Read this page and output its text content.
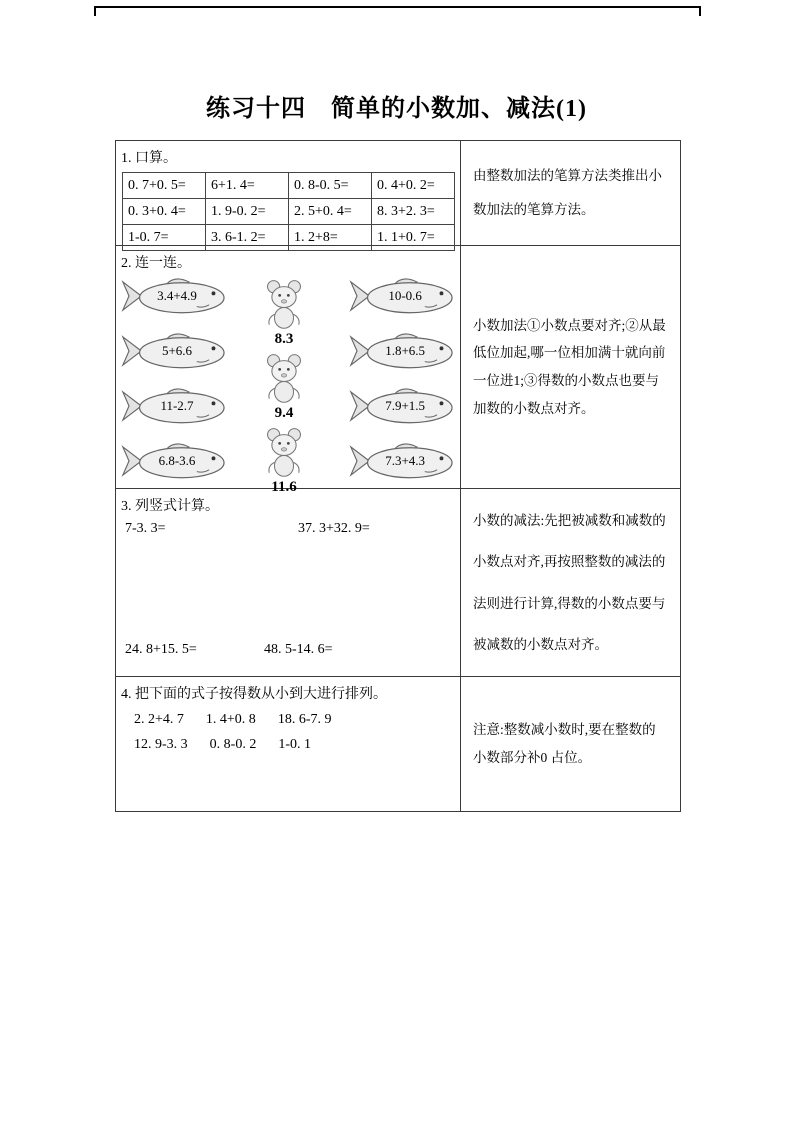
练习十四　简单的小数加、减法(1)
1. 口算。
0. 7+0. 5=	6+1. 4=	0. 8-0. 5=	0. 4+0. 2=
0. 3+0. 4=	1. 9-0. 2=	2. 5+0. 4=	8. 3+2. 3=
1-0. 7=	3. 6-1. 2=	1. 2+8=	1. 1+0. 7=
由整数加法的笔算方法类推出小数加法的笔算方法。
2. 连一连。
3.4+4.9
5+6.6
11-2.7
6.8-3.6
8.3
9.4
11.6
10-0.6
1.8+6.5
7.9+1.5
7.3+4.3
小数加法①小数点要对齐;②从最低位加起,哪一位相加满十就向前一位进1;③得数的小数点也要与加数的小数点对齐。
3. 列竖式计算。
7-3. 3=	37. 3+32. 9=
24. 8+15. 5=	48. 5-14. 6=
小数的减法:先把被减数和减数的小数点对齐,再按照整数的减法的法则进行计算,得数的小数点要与被减数的小数点对齐。
4. 把下面的式子按得数从小到大进行排列。
2. 2+4. 7 1. 4+0. 8 18. 6-7. 9
12. 9-3. 3 0. 8-0. 2 1-0. 1
注意:整数减小数时,要在整数的小数部分补0 占位。
